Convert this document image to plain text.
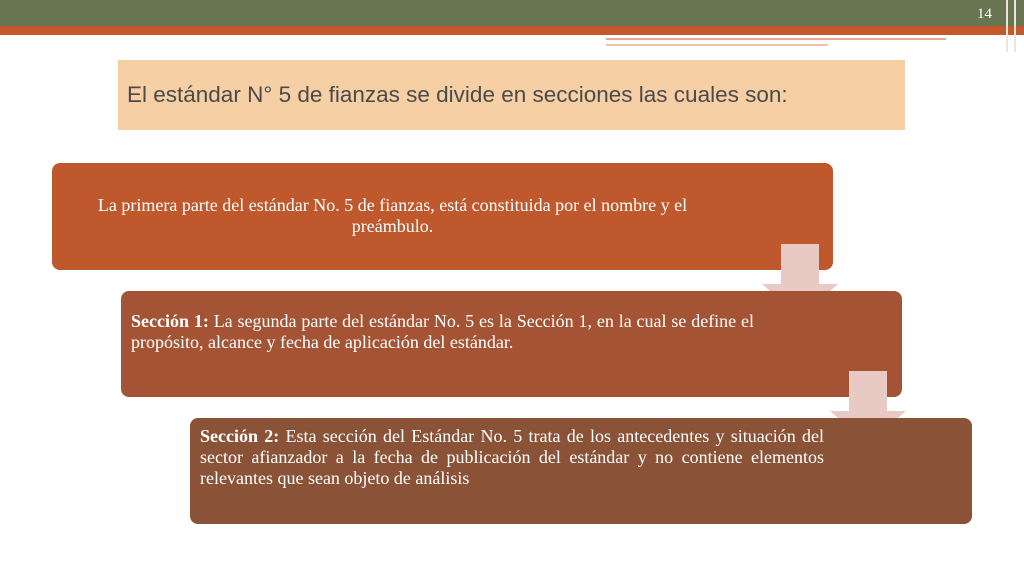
14
El estándar N° 5 de fianzas se divide en secciones las cuales son:
La primera parte del estándar No. 5 de fianzas, está constituida por el nombre y el preámbulo.
Sección 1: La segunda parte del estándar No. 5 es la Sección 1, en la cual se define el propósito, alcance y fecha de aplicación del estándar.
Sección 2: Esta sección del Estándar No. 5 trata de los antecedentes y situación del sector afianzador a la fecha de publicación del estándar y no contiene elementos relevantes que sean objeto de análisis
